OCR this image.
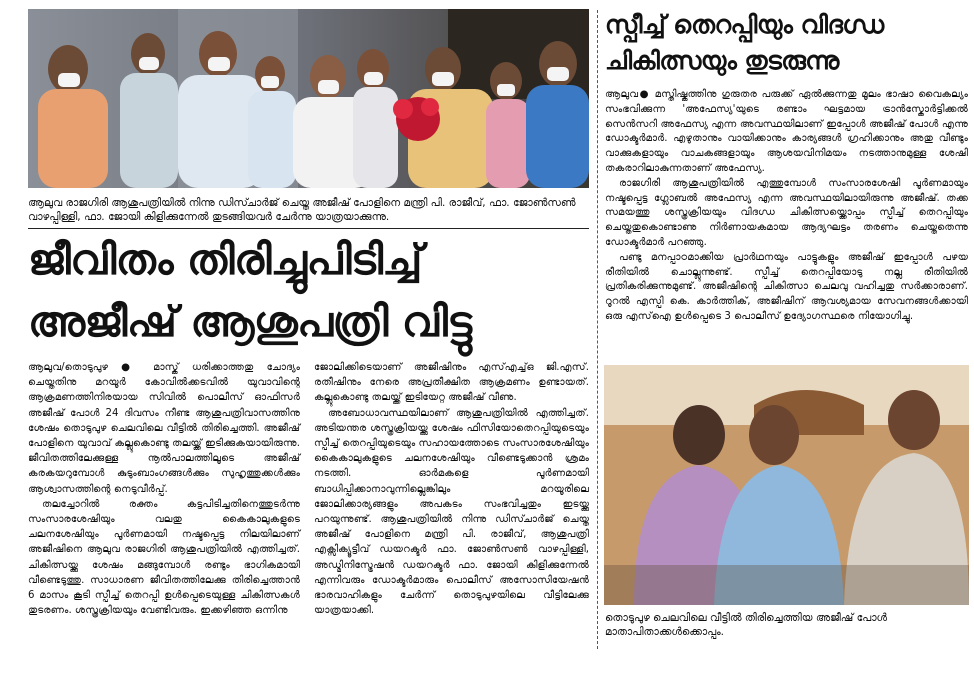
ആലുവ രാജഗിരി ആശുപത്രിയിൽ നിന്നു ഡിസ്ചാർജ് ചെയ്ത അജീഷ് പോളിനെ മന്ത്രി പി. രാജീവ്, ഫാ. ജോൺസൺ വാഴപ്പിള്ളി, ഫാ. ജോയി കിളിക്കുന്നേൽ തുടങ്ങിയവർ ചേർന്നു യാത്രയാക്കുന്നു.
ജീവിതം തിരിച്ചുപിടിച്ച്
അജീഷ് ആശുപത്രി വിട്ടു

ആലുവ/തൊടുപുഴ ● മാസ്ക് ധരിക്കാത്തതു ചോദ്യം ചെയ്തതിനു മറയൂർ കോവിൽക്കടവിൽ യുവാവിന്റെ ആക്രമണത്തിനിരയായ സിവിൽ പൊലീസ് ഓഫിസർ അജീഷ് പോൾ 24 ദിവസം നീണ്ട ആശുപത്രിവാസത്തിനു ശേഷം തൊടുപുഴ ചെലവിലെ വീട്ടിൽ തിരിച്ചെത്തി. അജീഷ് പോളിനെ യുവാവ് കല്ലുകൊണ്ടു തലയ്ക്ക് ഇടിക്കുകയായിരുന്നു. ജീവിതത്തിലേക്കുള്ള നൂൽപാലത്തിലൂടെ അജീഷ് കരകയറുമ്പോൾ കുടുംബാംഗങ്ങൾക്കും സുഹൃത്തുക്കൾക്കും ആശ്വാസത്തിന്റെ നെടുവീർപ്പ്.

തലച്ചോറിൽ രക്തം കട്ടപിടിച്ചതിനെത്തുടർന്നു സംസാരശേഷിയും വലതു കൈകാലുകളുടെ ചലനശേഷിയും പൂർണമായി നഷ്ടപ്പെട്ട നിലയിലാണ് അജീഷിനെ ആലുവ രാജഗിരി ആശുപത്രിയിൽ എത്തിച്ചത്. ചികിത്സയ്ക്കു ശേഷം മങ്ങുമ്പോൾ രണ്ടും ഭാഗികമായി വീണ്ടെടുത്തു. സാധാരണ ജീവിതത്തിലേക്കു തിരിച്ചെത്താൻ 6 മാസം കൂടി സ്പീച്ച് തെറപ്പി ഉൾപ്പെടെയുള്ള ചികിത്സകൾ തുടരണം. ശസ്ത്രക്രിയയും വേണ്ടിവരും. ഇക്കഴിഞ്ഞ ഒന്നിനു

ജോലിക്കിടെയാണ് അജീഷിനും എസ്എച്ച്ഒ ജി.എസ്. രതീഷിനും നേരെ അപ്രതീക്ഷിത ആക്രമണം ഉണ്ടായത്. കല്ലുകൊണ്ടു തലയ്ക്ക് ഇടിയേറ്റ അജീഷ് വീണു.

അബോധാവസ്ഥയിലാണ് ആശുപത്രിയിൽ എത്തിച്ചത്. അടിയന്തര ശസ്ത്രക്രിയയ്ക്കു ശേഷം ഫിസിയോതെറപ്പിയുടെയും സ്പീച്ച് തെറപ്പിയുടെയും സഹായത്തോടെ സംസാരശേഷിയും കൈകാലുകളുടെ ചലനശേഷിയും വീണ്ടെടുക്കാൻ ശ്രമം നടത്തി. ഓർമകളെ പൂർണമായി ബാധിപ്പിക്കാനാവുന്നില്ലെങ്കിലും മറയൂരിലെ ജോലിക്കാര്യങ്ങളും അപകടം സംഭവിച്ചതും ഇടയ്ക്കു പറയുന്നുണ്ട്. ആശുപത്രിയിൽ നിന്നു ഡിസ്ചാർജ് ചെയ്ത അജീഷ് പോളിനെ മന്ത്രി പി. രാജീവ്, ആശുപത്രി എക്സിക്യൂട്ടീവ് ഡയറക്ടർ ഫാ. ജോൺസൺ വാഴപ്പിള്ളി, അഡ്മിനിസ്ട്രേഷൻ ഡയറക്ടർ ഫാ. ജോയി കിളിക്കുന്നേൽ എന്നിവരും ഡോക്ടർമാരും പൊലീസ് അസോസിയേഷൻ ഭാരവാഹികളും ചേർന്ന് തൊടുപുഴയിലെ വീട്ടിലേക്കു യാത്രയാക്കി.

സ്പീച്ച് തെറപ്പിയും വിദഗ്ധ
ചികിത്സയും തുടരുന്നു

ആലുവ● മസ്തിഷ്കത്തിനു ഗുരുതര പരുക്ക് ഏൽക്കുന്നതു മൂലം ഭാഷാ വൈകല്യം സംഭവിക്കുന്ന 'അഫേസ്യ'യുടെ രണ്ടാം ഘട്ടമായ ട്രാൻസ്കോർട്ടിക്കൽ സെൻസറി അഫേസ്യ എന്ന അവസ്ഥയിലാണ് ഇപ്പോൾ അജീഷ് പോൾ എന്നു ഡോക്ടർമാർ. എഴുതാനും വായിക്കാനും കാര്യങ്ങൾ ഗ്രഹിക്കാനും അതു വീണ്ടും വാക്കുകളായും വാചകങ്ങളായും ആശയവിനിമയം നടത്താനുമുള്ള ശേഷി തകരാറിലാകുന്നതാണ് അഫേസ്യ.

രാജഗിരി ആശുപത്രിയിൽ എത്തുമ്പോൾ സംസാരശേഷി പൂർണമായും നഷ്ടപ്പെട്ട ഗ്ലോബൽ അഫേസ്യ എന്ന അവസ്ഥയിലായിരുന്നു അജീഷ്. തക്ക സമയത്തു ശസ്ത്രക്രിയയും വിദഗ്ധ ചികിത്സയ്ക്കൊപ്പം സ്പീച്ച് തെറപ്പിയും ചെയ്തതുകൊണ്ടാണു നിർണായകമായ ആദ്യഘട്ടം തരണം ചെയ്തതെന്നു ഡോക്ടർമാർ പറഞ്ഞു.

പണ്ടു മനപ്പാഠമാക്കിയ പ്രാർഥനയും പാട്ടുകളും അജീഷ് ഇപ്പോൾ പഴയ രീതിയിൽ ചൊല്ലുന്നുണ്ട്. സ്പീച്ച് തെറപ്പിയോടു നല്ല രീതിയിൽ പ്രതികരിക്കുന്നുമുണ്ട്. അജീഷിന്റെ ചികിത്സാ ചെലവു വഹിച്ചതു സർക്കാരാണ്. റൂറൽ എസ്പി കെ. കാർത്തിക്, അജീഷിന് ആവശ്യമായ സേവനങ്ങൾക്കായി ഒരു എസ്ഐ ഉൾപ്പെടെ 3 പൊലീസ് ഉദ്യോഗസ്ഥരെ നിയോഗിച്ചു.

തൊടുപുഴ ചെലവിലെ വീട്ടിൽ തിരിച്ചെത്തിയ അജീഷ് പോൾ മാതാപിതാക്കൾക്കൊപ്പം.
